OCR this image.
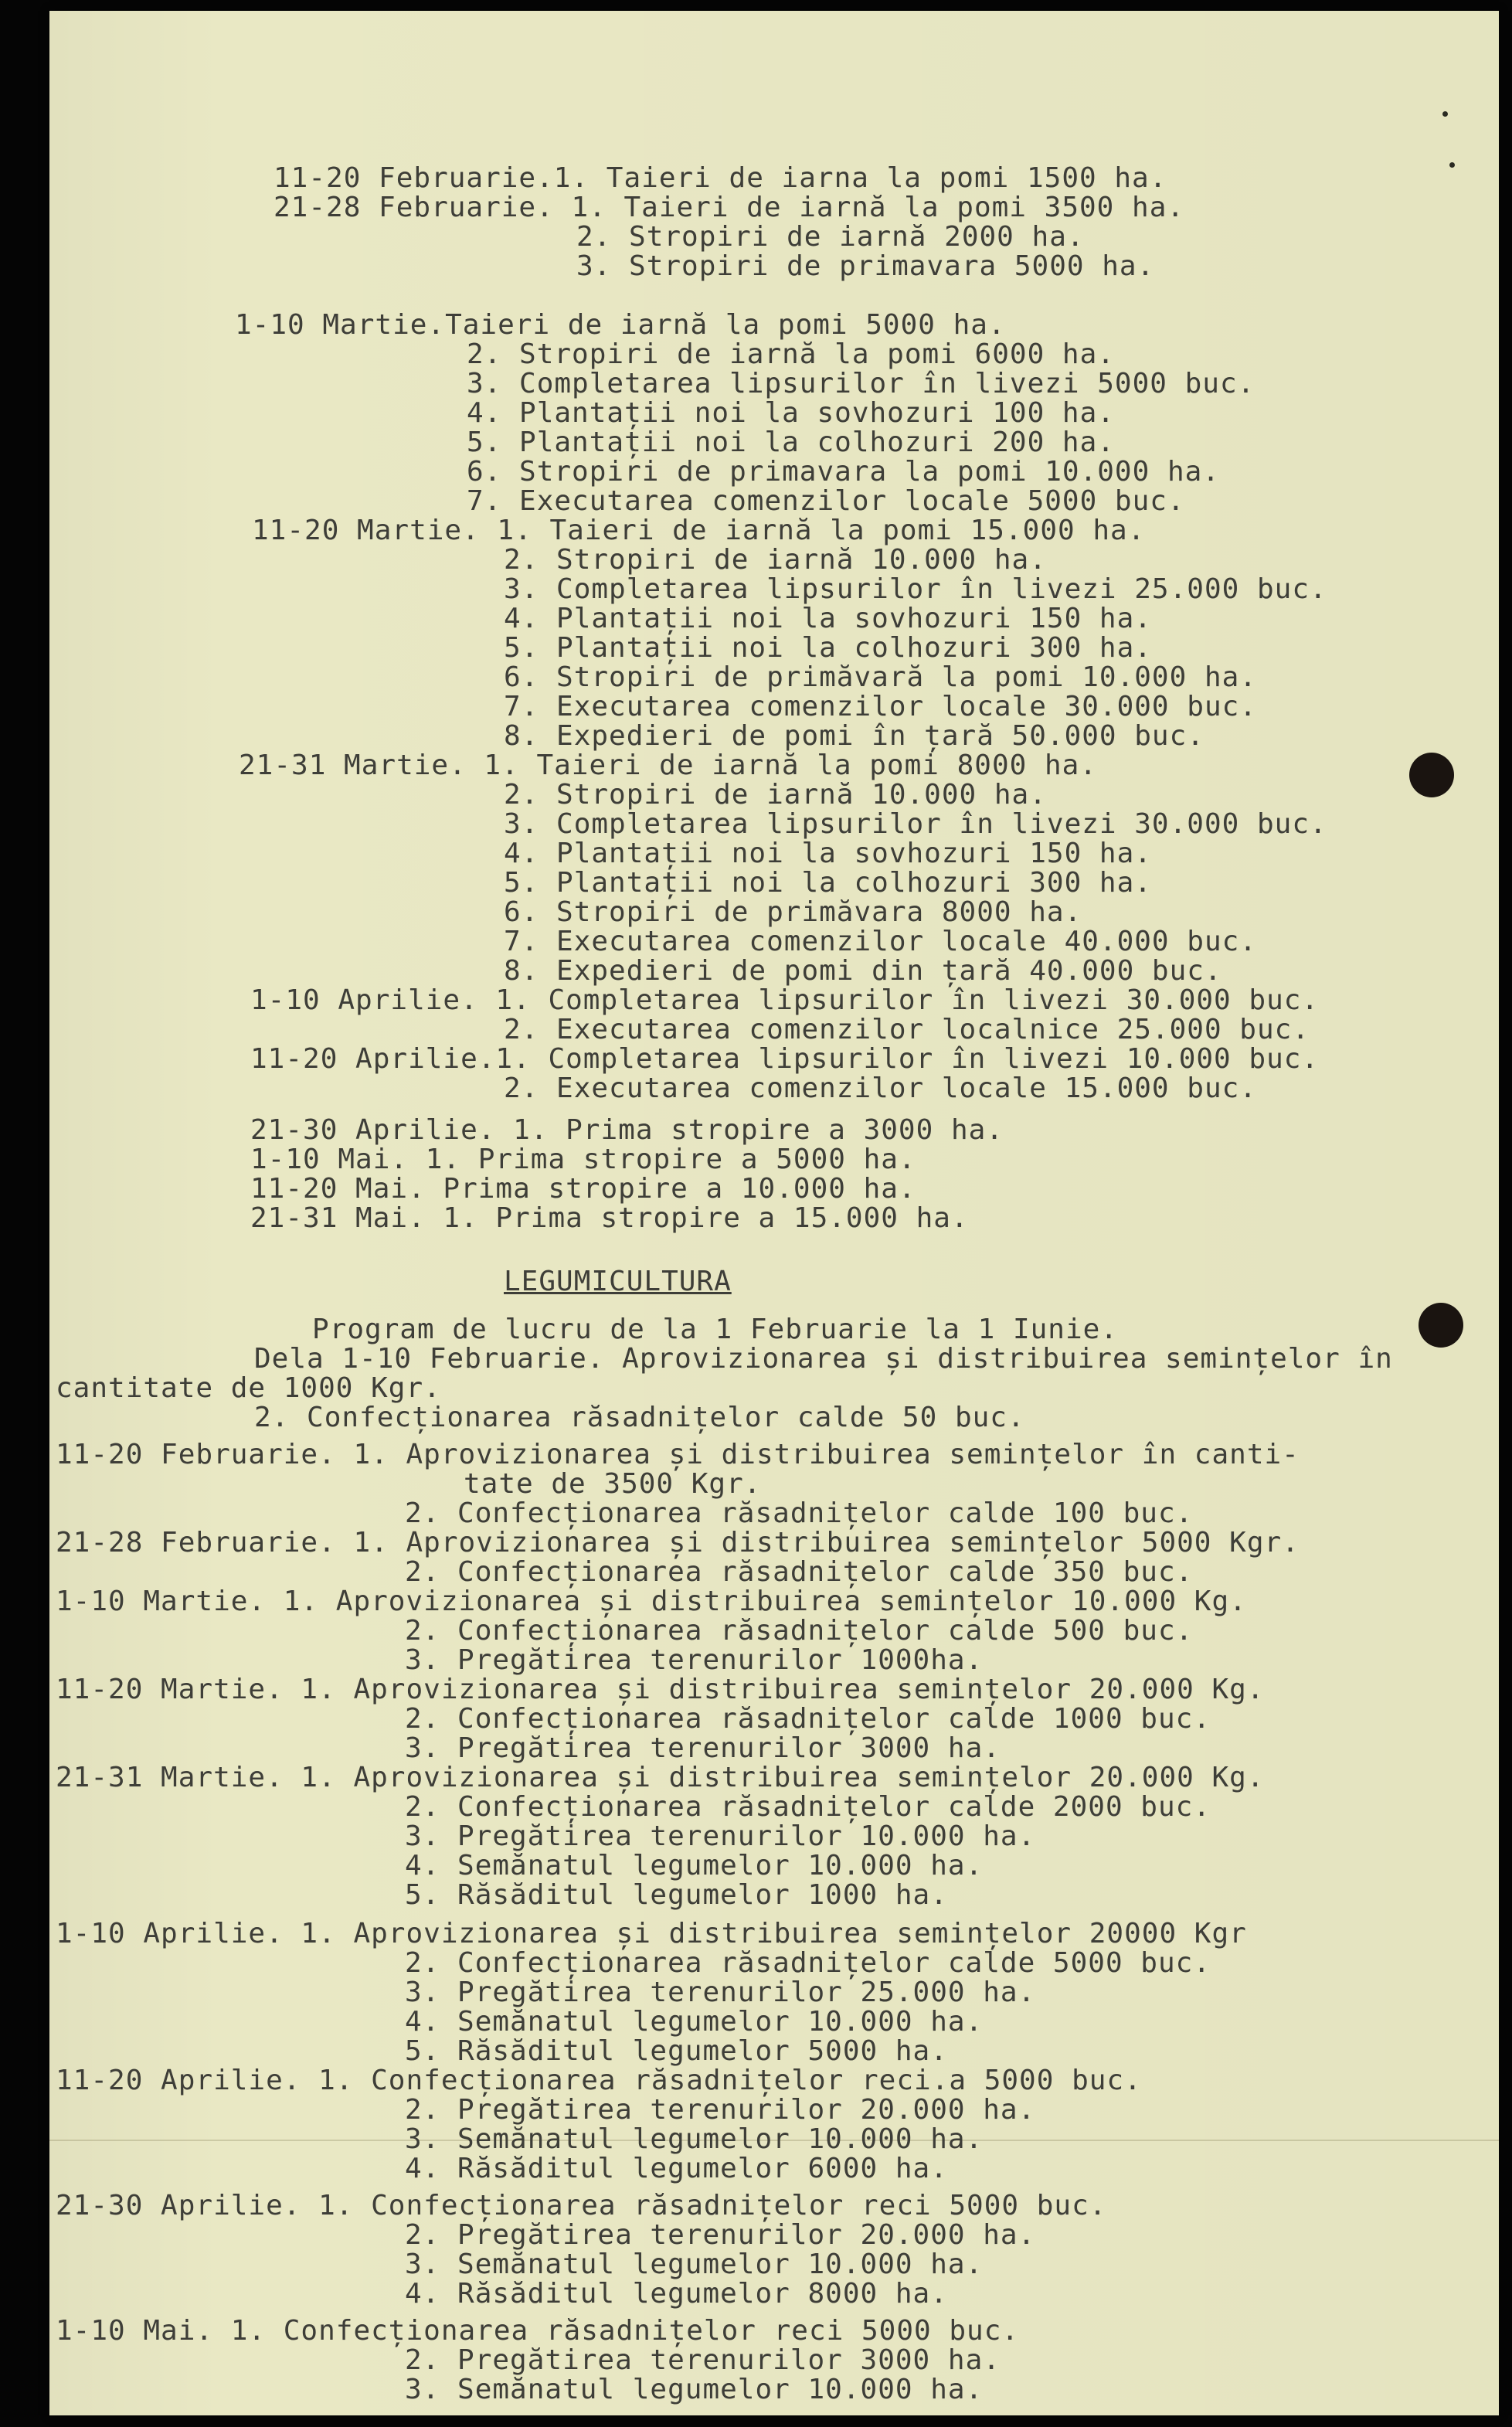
11-20 Februarie.1. Taieri de iarna la pomi 1500 ha.
21-28 Februarie. 1. Taieri de iarnă la pomi 3500 ha.
2. Stropiri de iarnă 2000 ha.
3. Stropiri de primavara 5000 ha.
1-10 Martie.Taieri de iarnă la pomi 5000 ha.
2. Stropiri de iarnă la pomi 6000 ha.
3. Completarea lipsurilor în livezi 5000 buc.
4. Plantații noi la sovhozuri 100 ha.
5. Plantații noi la colhozuri 200 ha.
6. Stropiri de primavara la pomi 10.000 ha.
7. Executarea comenzilor locale 5000 buc.
11-20 Martie. 1. Taieri de iarnă la pomi 15.000 ha.
2. Stropiri de iarnă 10.000 ha.
3. Completarea lipsurilor în livezi 25.000 buc.
4. Plantații noi la sovhozuri 150 ha.
5. Plantații noi la colhozuri 300 ha.
6. Stropiri de primăvară la pomi 10.000 ha.
7. Executarea comenzilor locale 30.000 buc.
8. Expedieri de pomi în țară 50.000 buc.
21-31 Martie. 1. Taieri de iarnă la pomi 8000 ha.
2. Stropiri de iarnă 10.000 ha.
3. Completarea lipsurilor în livezi 30.000 buc.
4. Plantații noi la sovhozuri 150 ha.
5. Plantații noi la colhozuri 300 ha.
6. Stropiri de primăvara 8000 ha.
7. Executarea comenzilor locale 40.000 buc.
8. Expedieri de pomi din țară 40.000 buc.
1-10 Aprilie. 1. Completarea lipsurilor în livezi 30.000 buc.
2. Executarea comenzilor localnice 25.000 buc.
11-20 Aprilie.1. Completarea lipsurilor în livezi 10.000 buc.
2. Executarea comenzilor locale 15.000 buc.
21-30 Aprilie. 1. Prima stropire a 3000 ha.
1-10 Mai. 1. Prima stropire a 5000 ha.
11-20 Mai. Prima stropire a 10.000 ha.
21-31 Mai. 1. Prima stropire a 15.000 ha.
LEGUMICULTURA
Program de lucru de la 1 Februarie la 1 Iunie.
Dela 1-10 Februarie. Aprovizionarea și distribuirea semințelor în
cantitate de 1000 Kgr.
2. Confecționarea răsadnițelor calde 50 buc.
11-20 Februarie. 1. Aprovizionarea și distribuirea semințelor în canti-
tate de 3500 Kgr.
2. Confecționarea răsadnițelor calde 100 buc.
21-28 Februarie. 1. Aprovizionarea și distribuirea semințelor 5000 Kgr.
2. Confecționarea răsadnițelor calde 350 buc.
1-10 Martie. 1. Aprovizionarea și distribuirea semințelor 10.000 Kg.
2. Confecționarea răsadnițelor calde 500 buc.
3. Pregătirea terenurilor 1000ha.
11-20 Martie. 1. Aprovizionarea și distribuirea semințelor 20.000 Kg.
2. Confecționarea răsadnițelor calde 1000 buc.
3. Pregătirea terenurilor 3000 ha.
21-31 Martie. 1. Aprovizionarea și distribuirea semințelor 20.000 Kg.
2. Confecționarea răsadnițelor calde 2000 buc.
3. Pregătirea terenurilor 10.000 ha.
4. Semănatul legumelor 10.000 ha.
5. Răsăditul legumelor 1000 ha.
1-10 Aprilie. 1. Aprovizionarea și distribuirea semințelor 20000 Kgr
2. Confecționarea răsadnițelor calde 5000 buc.
3. Pregătirea terenurilor 25.000 ha.
4. Semănatul legumelor 10.000 ha.
5. Răsăditul legumelor 5000 ha.
11-20 Aprilie. 1. Confecționarea răsadnițelor reci.a 5000 buc.
2. Pregătirea terenurilor 20.000 ha.
3. Semănatul legumelor 10.000 ha.
4. Răsăditul legumelor 6000 ha.
21-30 Aprilie. 1. Confecționarea răsadnițelor reci 5000 buc.
2. Pregătirea terenurilor 20.000 ha.
3. Semănatul legumelor 10.000 ha.
4. Răsăditul legumelor 8000 ha.
1-10 Mai. 1. Confecționarea răsadnițelor reci 5000 buc.
2. Pregătirea terenurilor 3000 ha.
3. Semănatul legumelor 10.000 ha.
